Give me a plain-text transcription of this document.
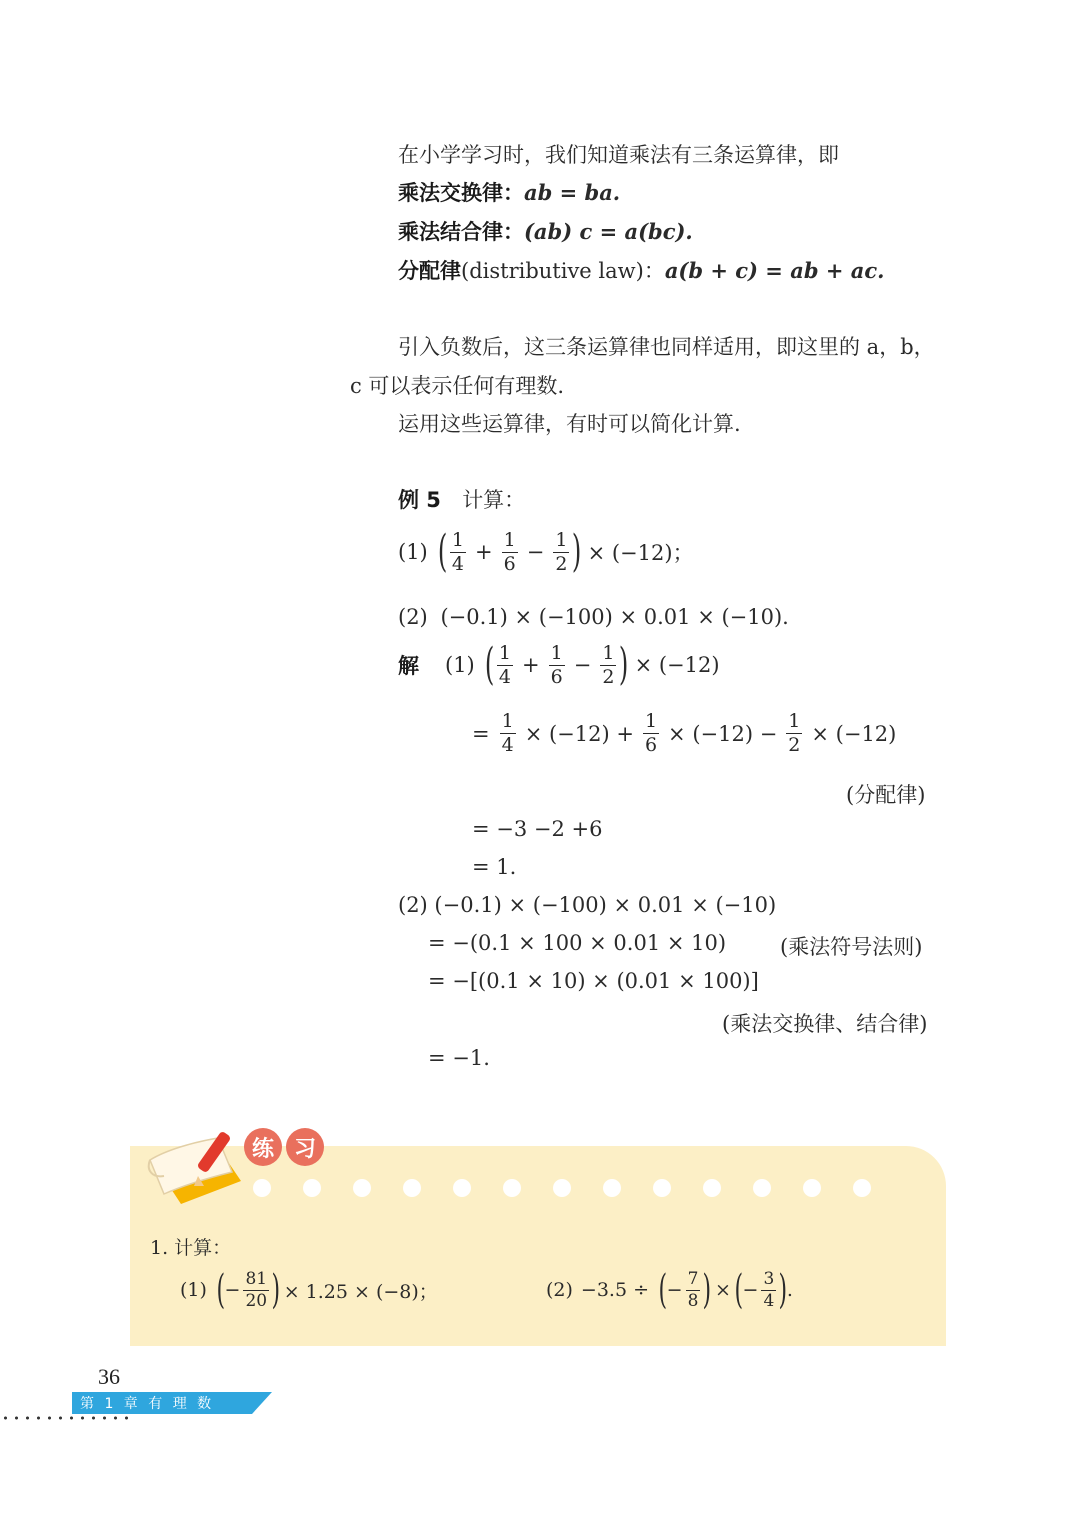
在小学学习时，我们知道乘法有三条运算律，即
乘法交换律：ab = ba.
乘法结合律：(ab) c = a(bc).
分配律(distributive law)：a(b + c) = ab + ac.
引入负数后，这三条运算律也同样适用，即这里的 a，b，
c 可以表示任何有理数.
运用这些运算律，有时可以简化计算.
例 5 计算：
(1) ( $\frac{1}{4} + \frac{1}{6} - \frac{1}{2}$ ) × (−12)；
(2) (−0.1) × (−100) × 0.01 × (−10).
解 (1) ( $\frac{1}{4} + \frac{1}{6} - \frac{1}{2}$ ) × (−12)
= $\frac{1}{4} \times (-12) + \frac{1}{6} \times (-12) - \frac{1}{2} \times (-12)$
(分配律)
= −3 −2 +6
= 1.
(2) (−0.1) × (−100) × 0.01 × (−10)
= −(0.1 × 100 × 0.01 × 10)	(乘法符号法则)
= −[(0.1 × 10) × (0.01 × 100)]
(乘法交换律、结合律)
= −1.
练 习
1. 计算：
(1) ( − $\frac{81}{20}$ ) × 1.25 × (−8)；	(2) −3.5 ÷ ( − $\frac{7}{8}$ ) × ( − $\frac{3}{4}$ ) .
36
第 1 章 有 理 数
